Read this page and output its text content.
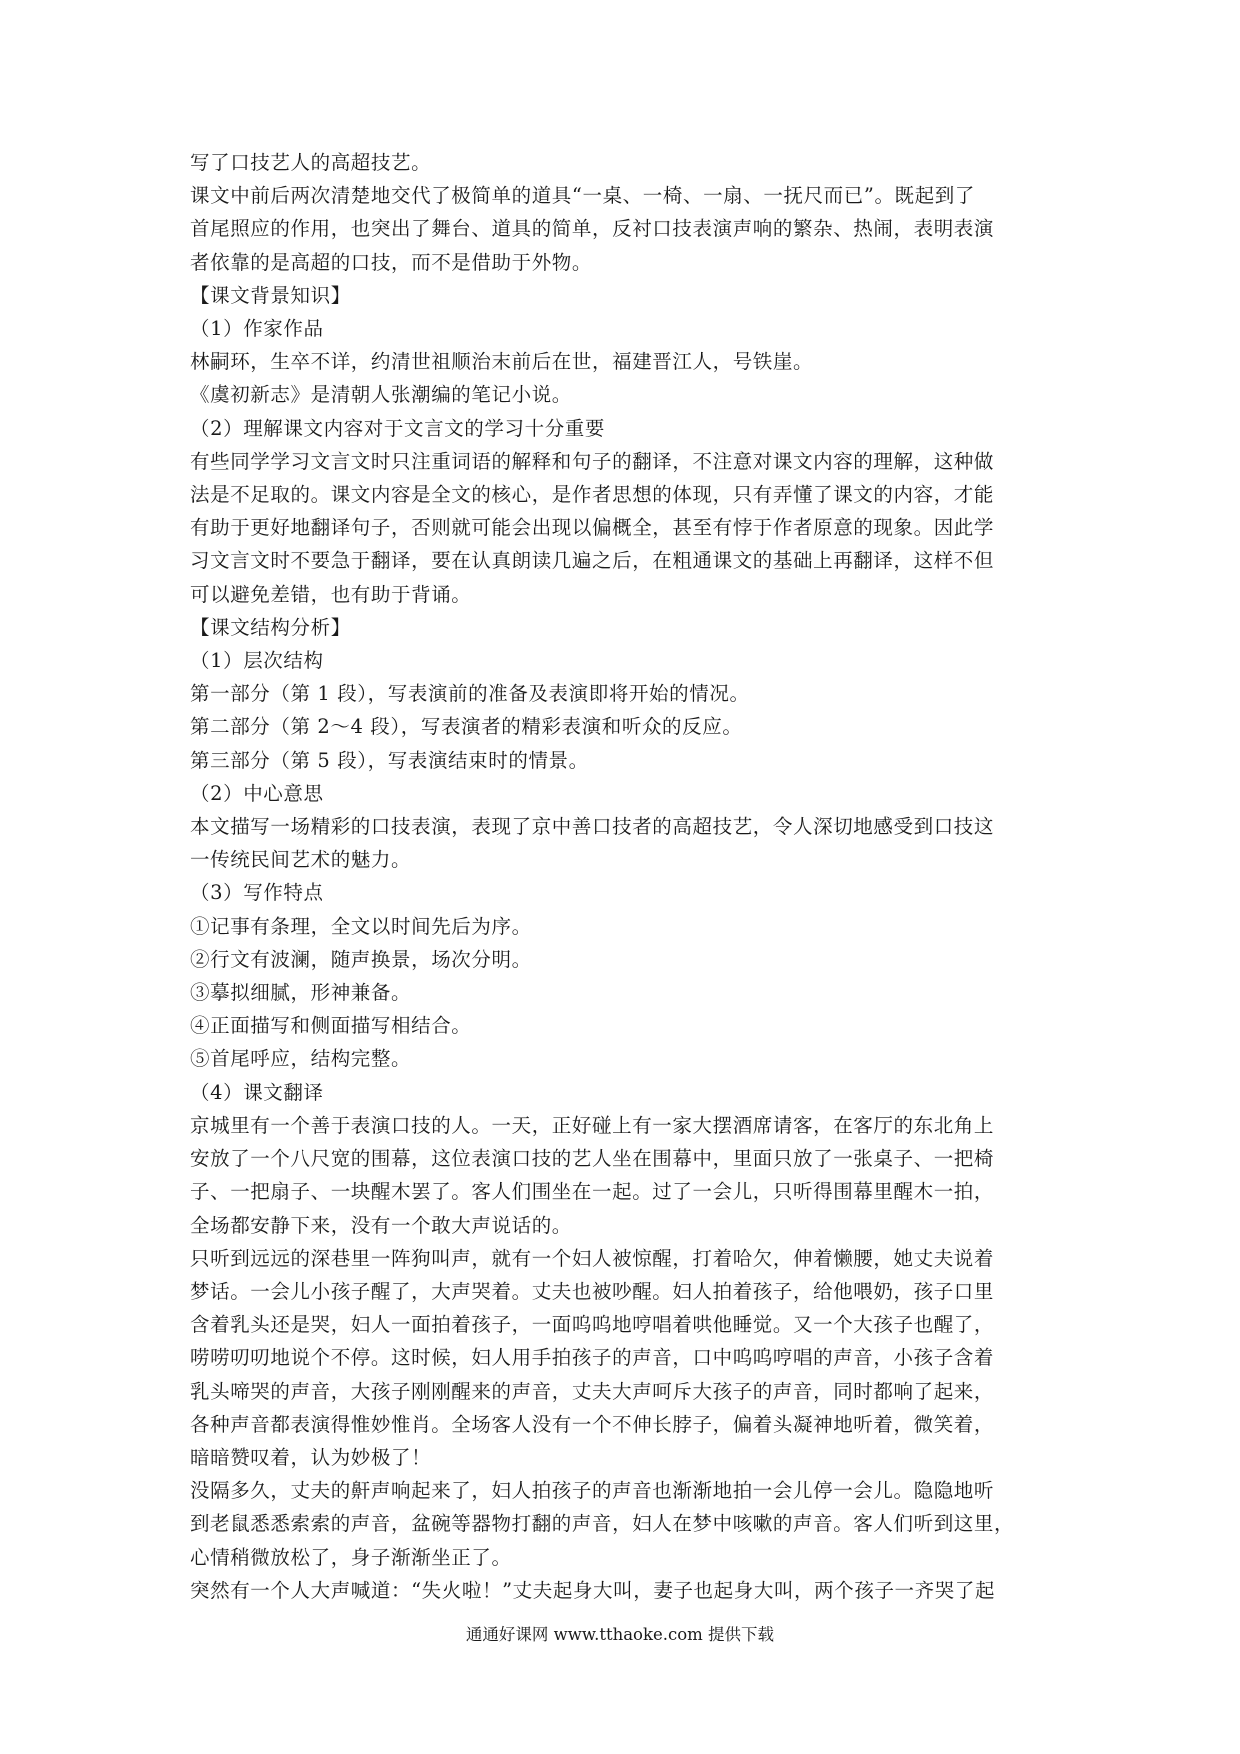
写了口技艺人的高超技艺。

课文中前后两次清楚地交代了极简单的道具“一桌、一椅、一扇、一抚尺而已”。既起到了

首尾照应的作用，也突出了舞台、道具的简单，反衬口技表演声响的繁杂、热闹，表明表演

者依靠的是高超的口技，而不是借助于外物。

【课文背景知识】

（1）作家作品

林嗣环，生卒不详，约清世祖顺治末前后在世，福建晋江人，号铁崖。

《虞初新志》是清朝人张潮编的笔记小说。

（2）理解课文内容对于文言文的学习十分重要

有些同学学习文言文时只注重词语的解释和句子的翻译，不注意对课文内容的理解，这种做

法是不足取的。课文内容是全文的核心，是作者思想的体现，只有弄懂了课文的内容，才能

有助于更好地翻译句子，否则就可能会出现以偏概全，甚至有悖于作者原意的现象。因此学

习文言文时不要急于翻译，要在认真朗读几遍之后，在粗通课文的基础上再翻译，这样不但

可以避免差错，也有助于背诵。

【课文结构分析】

（1）层次结构

第一部分（第 1 段），写表演前的准备及表演即将开始的情况。

第二部分（第 2～4 段），写表演者的精彩表演和听众的反应。

第三部分（第 5 段），写表演结束时的情景。

（2）中心意思

本文描写一场精彩的口技表演，表现了京中善口技者的高超技艺，令人深切地感受到口技这

一传统民间艺术的魅力。

（3）写作特点

①记事有条理，全文以时间先后为序。

②行文有波澜，随声换景，场次分明。

③摹拟细腻，形神兼备。

④正面描写和侧面描写相结合。

⑤首尾呼应，结构完整。

（4）课文翻译

京城里有一个善于表演口技的人。一天，正好碰上有一家大摆酒席请客，在客厅的东北角上

安放了一个八尺宽的围幕，这位表演口技的艺人坐在围幕中，里面只放了一张桌子、一把椅

子、一把扇子、一块醒木罢了。客人们围坐在一起。过了一会儿，只听得围幕里醒木一拍，

全场都安静下来，没有一个敢大声说话的。

只听到远远的深巷里一阵狗叫声，就有一个妇人被惊醒，打着哈欠，伸着懒腰，她丈夫说着

梦话。一会儿小孩子醒了，大声哭着。丈夫也被吵醒。妇人拍着孩子，给他喂奶，孩子口里

含着乳头还是哭，妇人一面拍着孩子，一面呜呜地哼唱着哄他睡觉。又一个大孩子也醒了，

唠唠叨叨地说个不停。这时候，妇人用手拍孩子的声音，口中呜呜哼唱的声音，小孩子含着

乳头啼哭的声音，大孩子刚刚醒来的声音，丈夫大声呵斥大孩子的声音，同时都响了起来，

各种声音都表演得惟妙惟肖。全场客人没有一个不伸长脖子，偏着头凝神地听着，微笑着，

暗暗赞叹着，认为妙极了！

没隔多久，丈夫的鼾声响起来了，妇人拍孩子的声音也渐渐地拍一会儿停一会儿。隐隐地听

到老鼠悉悉索索的声音，盆碗等器物打翻的声音，妇人在梦中咳嗽的声音。客人们听到这里，

心情稍微放松了，身子渐渐坐正了。

突然有一个人大声喊道：“失火啦！”丈夫起身大叫，妻子也起身大叫，两个孩子一齐哭了起

通通好课网 www.tthaoke.com 提供下载
